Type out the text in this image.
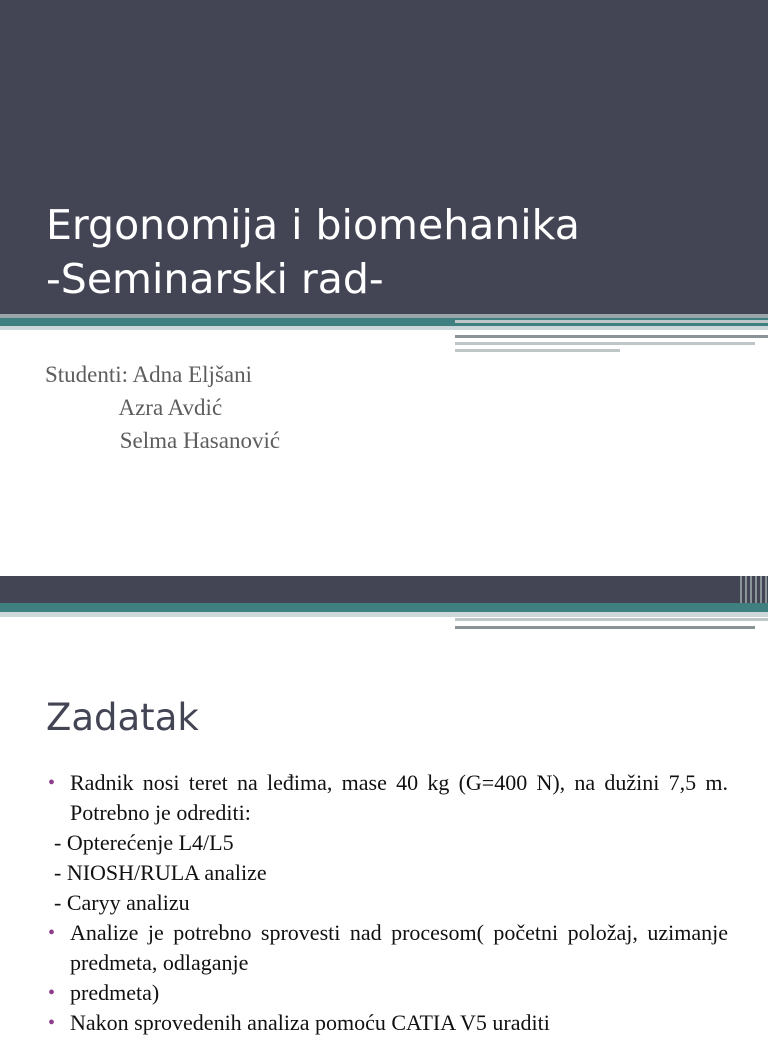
Ergonomija i biomehanika
-Seminarski rad-
Studenti: Adna Eljšani
Azra Avdić
Selma Hasanović
Zadatak
• Radnik nosi teret na leđima, mase 40 kg (G=400 N), na dužini 7,5 m. Potrebno je odrediti:
- Opterećenje L4/L5
- NIOSH/RULA analize
- Caryy analizu
• Analize je potrebno sprovesti nad procesom( početni položaj, uzimanje predmeta, odlaganje
• predmeta)
• Nakon sprovedenih analiza pomoću CATIA V5 uraditi
